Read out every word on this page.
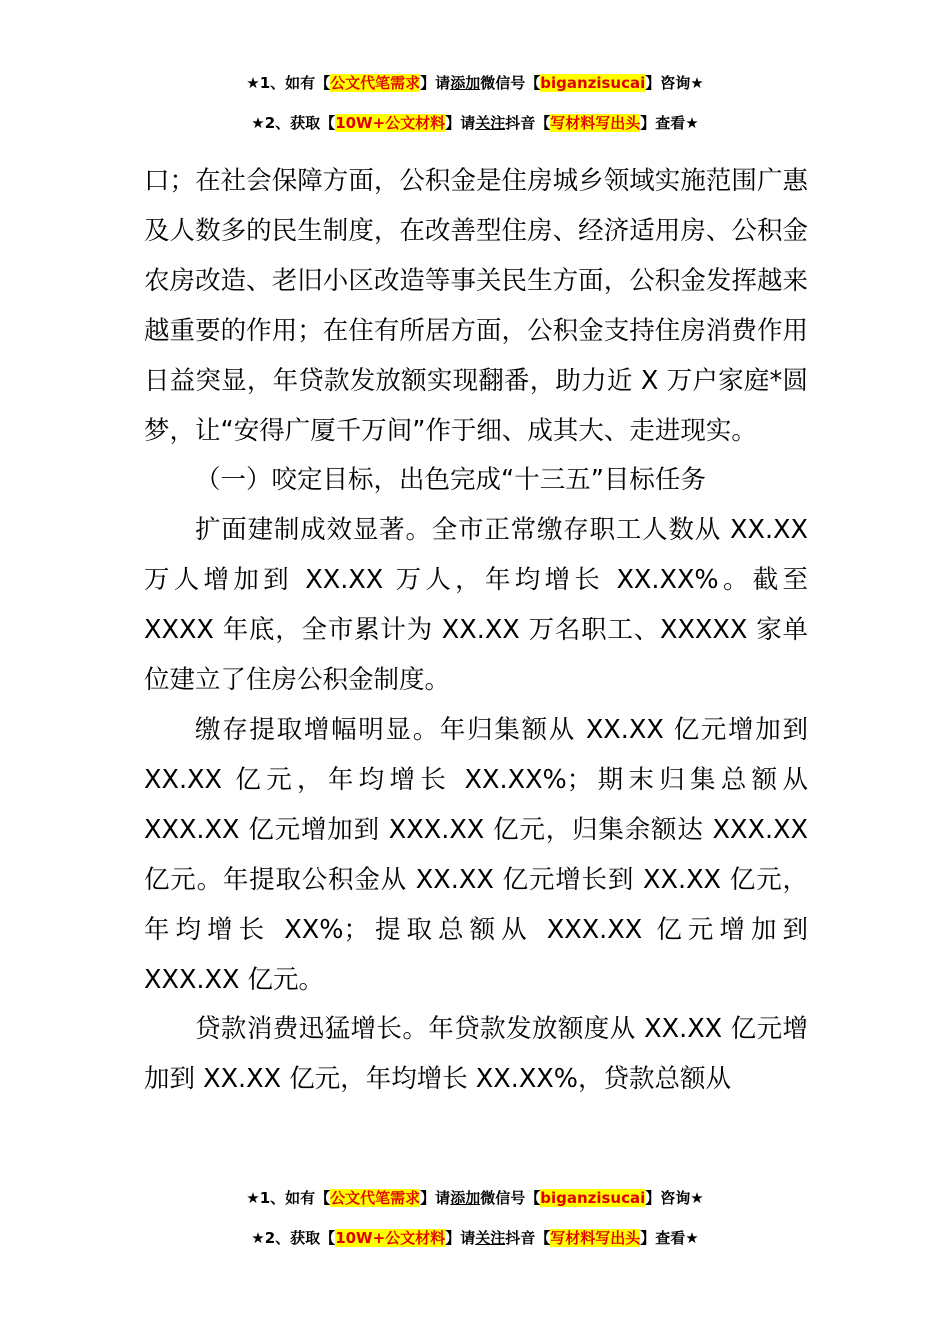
★1、如有【公文代笔需求】请添加微信号【biganzisucai】咨询★
★2、获取【10W+公文材料】请关注抖音【写材料写出头】查看★

口；在社会保障方面，公积金是住房城乡领域实施范围广惠及人数多的民生制度，在改善型住房、经济适用房、公积金农房改造、老旧小区改造等事关民生方面，公积金发挥越来越重要的作用；在住有所居方面，公积金支持住房消费作用日益突显，年贷款发放额实现翻番，助力近 X 万户家庭*圆梦，让“安得广厦千万间”作于细、成其大、走进现实。

（一）咬定目标，出色完成“十三五”目标任务

扩面建制成效显著。全市正常缴存职工人数从 XX.XX 万人增加到 XX.XX 万人，年均增长 XX.XX%。截至 XXXX 年底，全市累计为 XX.XX 万名职工、XXXXX 家单位建立了住房公积金制度。

缴存提取增幅明显。年归集额从 XX.XX 亿元增加到 XX.XX 亿元，年均增长 XX.XX%；期末归集总额从 XXX.XX 亿元增加到 XXX.XX 亿元，归集余额达 XXX.XX 亿元。年提取公积金从 XX.XX 亿元增长到 XX.XX 亿元，年均增长 XX%；提取总额从 XXX.XX 亿元增加到 XXX.XX 亿元。

贷款消费迅猛增长。年贷款发放额度从 XX.XX 亿元增加到 XX.XX 亿元，年均增长 XX.XX%，贷款总额从

★1、如有【公文代笔需求】请添加微信号【biganzisucai】咨询★
★2、获取【10W+公文材料】请关注抖音【写材料写出头】查看★
